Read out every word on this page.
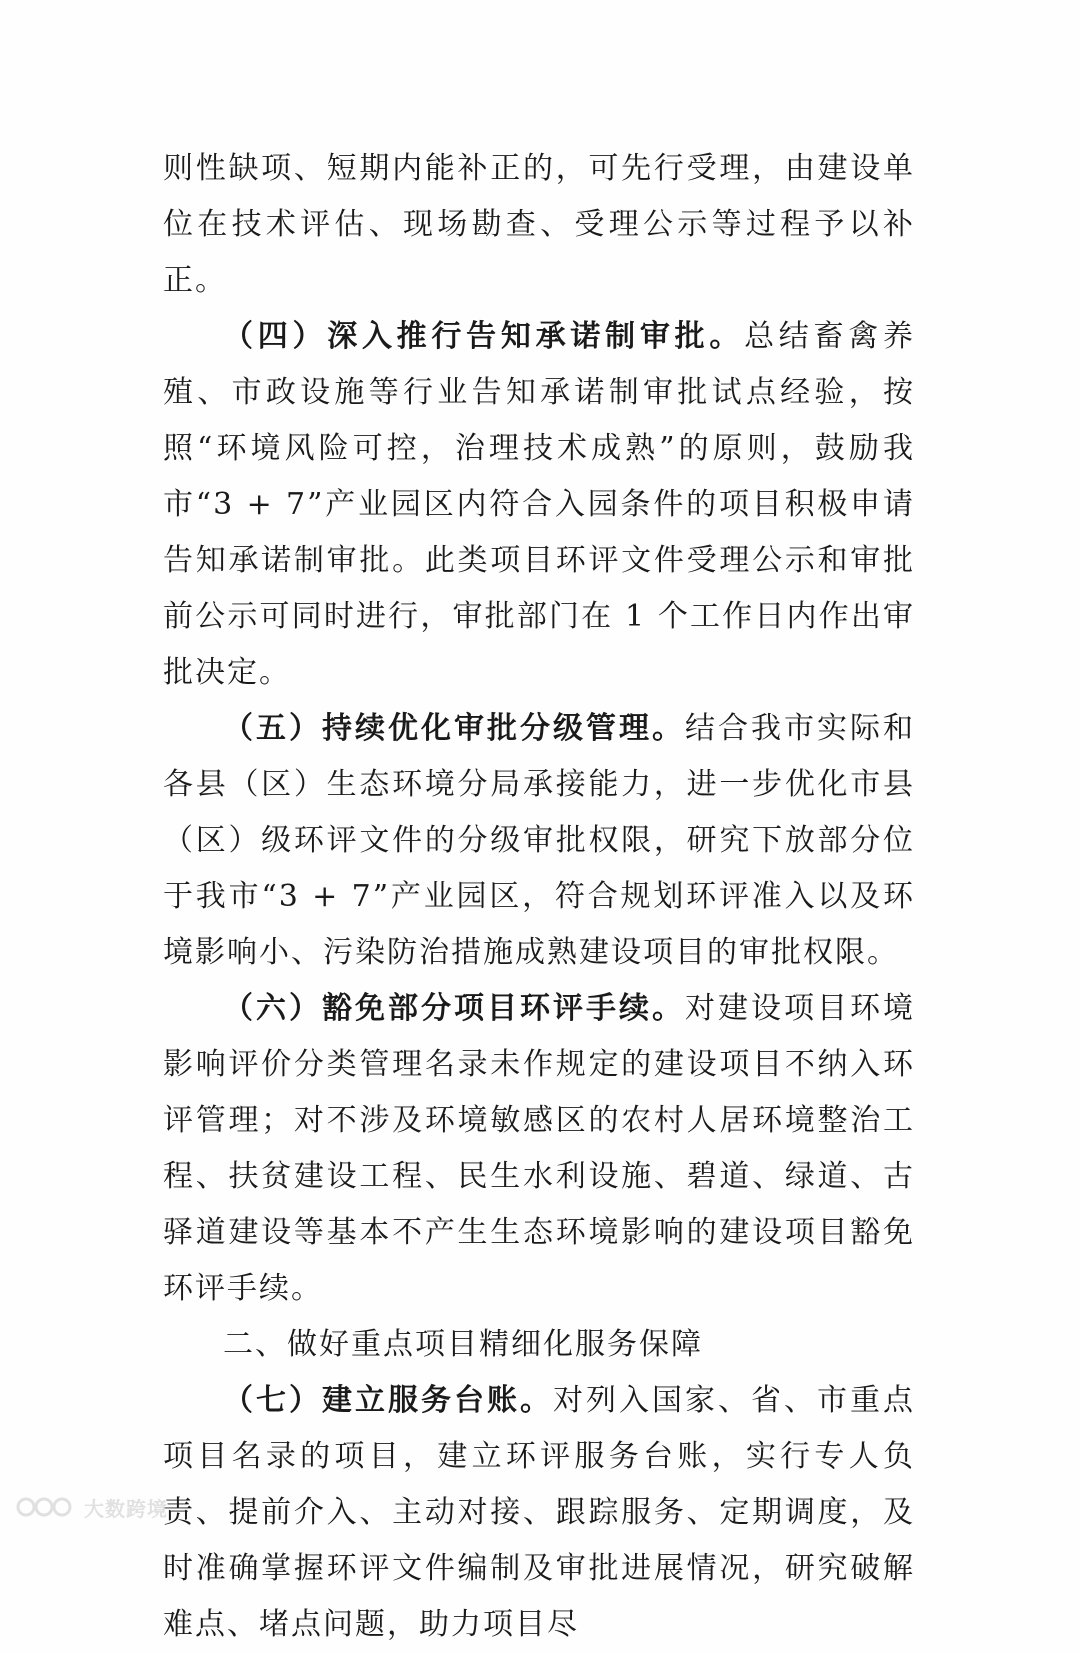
则性缺项、短期内能补正的，可先行受理，由建设单位在技术评估、现场勘查、受理公示等过程予以补正。

（四）深入推行告知承诺制审批。总结畜禽养殖、市政设施等行业告知承诺制审批试点经验，按照“环境风险可控，治理技术成熟”的原则，鼓励我市“3 + 7”产业园区内符合入园条件的项目积极申请告知承诺制审批。此类项目环评文件受理公示和审批前公示可同时进行，审批部门在 1 个工作日内作出审批决定。

（五）持续优化审批分级管理。结合我市实际和各县（区）生态环境分局承接能力，进一步优化市县（区）级环评文件的分级审批权限，研究下放部分位于我市“3 + 7”产业园区，符合规划环评准入以及环境影响小、污染防治措施成熟建设项目的审批权限。

（六）豁免部分项目环评手续。对建设项目环境影响评价分类管理名录未作规定的建设项目不纳入环评管理；对不涉及环境敏感区的农村人居环境整治工程、扶贫建设工程、民生水利设施、碧道、绿道、古驿道建设等基本不产生生态环境影响的建设项目豁免环评手续。

二、做好重点项目精细化服务保障

（七）建立服务台账。对列入国家、省、市重点项目名录的项目，建立环评服务台账，实行专人负责、提前介入、主动对接、跟踪服务、定期调度，及时准确掌握环评文件编制及审批进展情况，研究破解难点、堵点问题，助力项目尽

大数跨境
